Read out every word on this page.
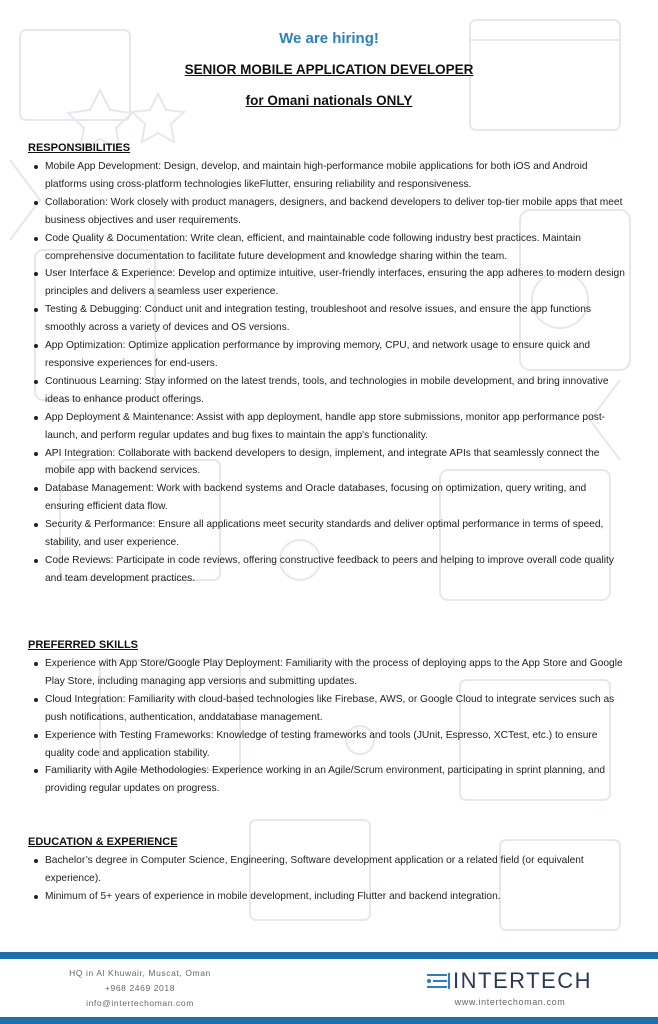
We are hiring!
SENIOR MOBILE APPLICATION DEVELOPER
for Omani nationals ONLY
RESPONSIBILITIES
Mobile App Development: Design, develop, and maintain high-performance mobile applications for both iOS and Android platforms using cross-platform technologies likeFlutter, ensuring reliability and responsiveness.
Collaboration: Work closely with product managers, designers, and backend developers to deliver top-tier mobile apps that meet business objectives and user requirements.
Code Quality & Documentation: Write clean, efficient, and maintainable code following industry best practices. Maintain comprehensive documentation to facilitate future development and knowledge sharing within the team.
User Interface & Experience: Develop and optimize intuitive, user-friendly interfaces, ensuring the app adheres to modern design principles and delivers a seamless user experience.
Testing & Debugging: Conduct unit and integration testing, troubleshoot and resolve issues, and ensure the app functions smoothly across a variety of devices and OS versions.
App Optimization: Optimize application performance by improving memory, CPU, and network usage to ensure quick and responsive experiences for end-users.
Continuous Learning: Stay informed on the latest trends, tools, and technologies in mobile development, and bring innovative ideas to enhance product offerings.
App Deployment & Maintenance: Assist with app deployment, handle app store submissions, monitor app performance post-launch, and perform regular updates and bug fixes to maintain the app's functionality.
API Integration: Collaborate with backend developers to design, implement, and integrate APIs that seamlessly connect the mobile app with backend services.
Database Management: Work with backend systems and Oracle databases, focusing on optimization, query writing, and ensuring efficient data flow.
Security & Performance: Ensure all applications meet security standards and deliver optimal performance in terms of speed, stability, and user experience.
Code Reviews: Participate in code reviews, offering constructive feedback to peers and helping to improve overall code quality and team development practices.
PREFERRED SKILLS
Experience with App Store/Google Play Deployment: Familiarity with the process of deploying apps to the App Store and Google Play Store, including managing app versions and submitting updates.
Cloud Integration: Familiarity with cloud-based technologies like Firebase, AWS, or Google Cloud to integrate services such as push notifications, authentication, anddatabase management.
Experience with Testing Frameworks: Knowledge of testing frameworks and tools (JUnit, Espresso, XCTest, etc.) to ensure quality code and application stability.
Familiarity with Agile Methodologies: Experience working in an Agile/Scrum environment, participating in sprint planning, and providing regular updates on progress.
EDUCATION & EXPERIENCE
Bachelor’s degree in Computer Science, Engineering, Software development application or a related field (or equivalent experience).
Minimum of 5+ years of experience in mobile development, including Flutter and backend integration.
HQ in Al Khuwair, Muscat, Oman
+968 2469 2018
info@intertechoman.com
INTERTECH
www.intertechoman.com
